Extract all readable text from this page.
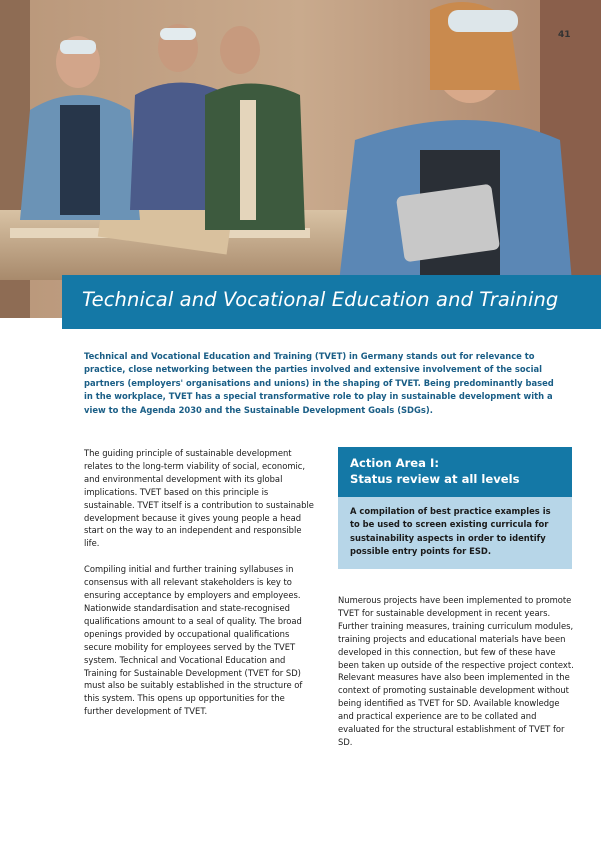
41
Technical and Vocational Education and Training

Technical and Vocational Education and Training (TVET) in Germany stands out for relevance to practice, close networking between the parties involved and extensive involvement of the social partners (employers' organisations and unions) in the shaping of TVET. Being predominantly based in the workplace, TVET has a special transformative role to play in sustainable development with a view to the Agenda 2030 and the Sustainable Development Goals (SDGs).

The guiding principle of sustainable development relates to the long-term viability of social, economic, and environmental development with its global implications. TVET based on this principle is sustainable. TVET itself is a contribution to sustainable development because it gives young people a head start on the way to an independent and responsible life.

Compiling initial and further training syllabuses in consensus with all relevant stakeholders is key to ensuring acceptance by employers and employees. Nationwide standardisation and state-recognised qualifications amount to a seal of quality. The broad openings provided by occupational qualifications secure mobility for employees served by the TVET system. Technical and Vocational Education and Training for Sustainable Development (TVET for SD) must also be suitably established in the structure of this system. This opens up opportunities for the further development of TVET.

Action Area I:
Status review at all levels

A compilation of best practice examples is to be used to screen existing curricula for sustainability aspects in order to identify possible entry points for ESD.

Numerous projects have been implemented to promote TVET for sustainable development in recent years. Further training measures, training curriculum modules, training projects and educational materials have been developed in this connection, but few of these have been taken up outside of the respective project context. Relevant measures have also been implemented in the context of promoting sustainable development without being identified as TVET for SD. Available knowledge and practical experience are to be collated and evaluated for the structural establishment of TVET for SD.
